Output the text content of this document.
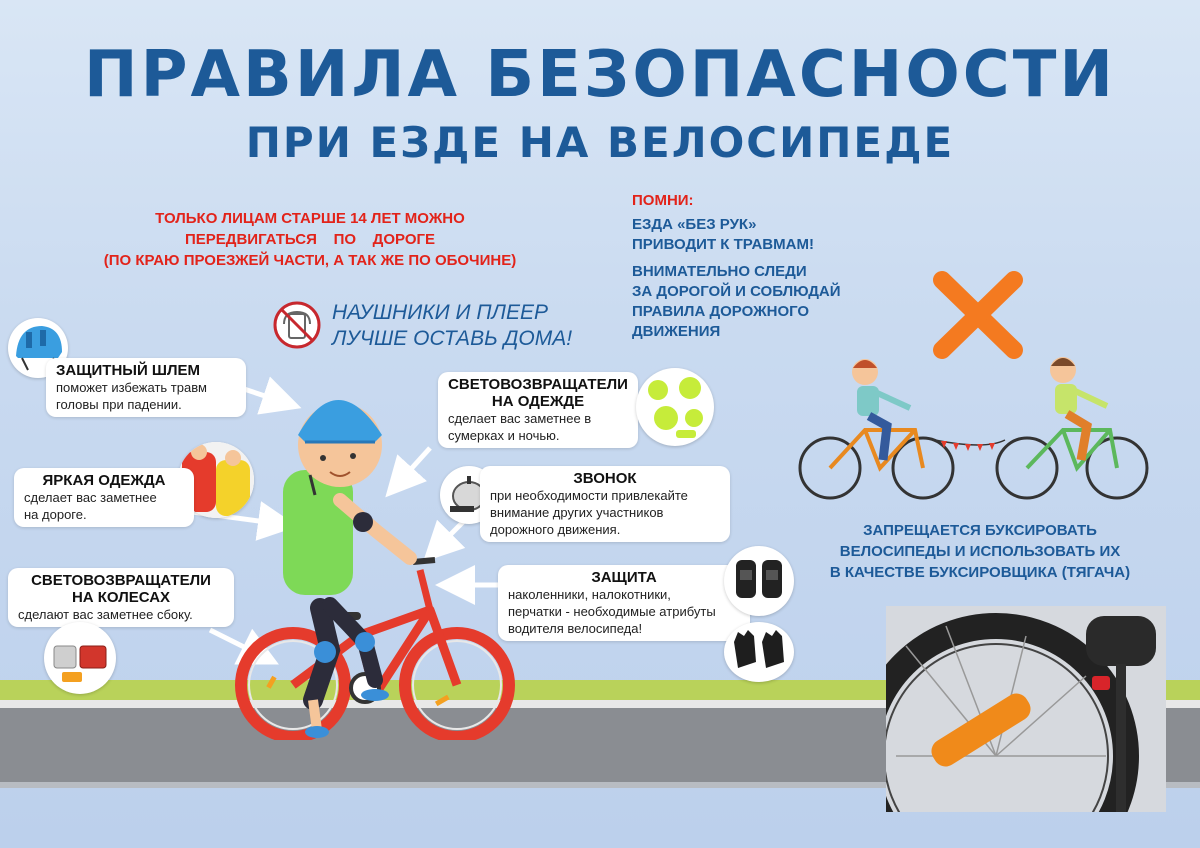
ПРАВИЛА БЕЗОПАСНОСТИ
ПРИ ЕЗДЕ НА ВЕЛОСИПЕДЕ
ТОЛЬКО ЛИЦАМ СТАРШЕ 14 ЛЕТ МОЖНО
ПЕРЕДВИГАТЬСЯ    ПО    ДОРОГЕ
(ПО КРАЮ ПРОЕЗЖЕЙ ЧАСТИ, А ТАК ЖЕ ПО ОБОЧИНЕ)
ПОМНИ:
ЕЗДА «БЕЗ РУК»
ПРИВОДИТ К ТРАВМАМ!
ВНИМАТЕЛЬНО СЛЕДИ
ЗА ДОРОГОЙ И СОБЛЮДАЙ
ПРАВИЛА ДОРОЖНОГО
ДВИЖЕНИЯ
НАУШНИКИ И ПЛЕЕР
ЛУЧШЕ ОСТАВЬ ДОМА!
ЗАПРЕЩАЕТСЯ БУКСИРОВАТЬ
ВЕЛОСИПЕДЫ И ИСПОЛЬЗОВАТЬ ИХ
В КАЧЕСТВЕ БУКСИРОВЩИКА (ТЯГАЧА)
ЗАЩИТНЫЙ ШЛЕМ
поможет избежать травм
головы при падении.
ЯРКАЯ ОДЕЖДА
сделает вас заметнее
на дороге.
СВЕТОВОЗВРАЩАТЕЛИ
НА КОЛЕСАХ
сделают вас заметнее сбоку.
СВЕТОВОЗВРАЩАТЕЛИ
НА ОДЕЖДЕ
сделает вас заметнее в
сумерках и ночью.
ЗВОНОК
при необходимости привлекайте
внимание других участников
дорожного движения.
ЗАЩИТА
наколенники, налокотники,
перчатки - необходимые атрибуты
водителя велосипеда!
